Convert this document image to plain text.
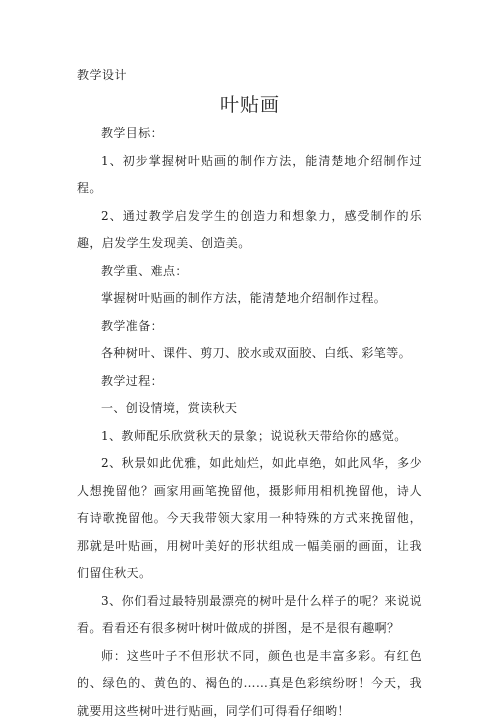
教学设计
叶贴画

教学目标：

1、初步掌握树叶贴画的制作方法，能清楚地介绍制作过程。

2、通过教学启发学生的创造力和想象力，感受制作的乐趣，启发学生发现美、创造美。

教学重、难点：

掌握树叶贴画的制作方法，能清楚地介绍制作过程。

教学准备：

各种树叶、课件、剪刀、胶水或双面胶、白纸、彩笔等。

教学过程：

一、创设情境，赏读秋天

1、教师配乐欣赏秋天的景象；说说秋天带给你的感觉。

2、秋景如此优雅，如此灿烂，如此卓绝，如此风华，多少人想挽留他？画家用画笔挽留他，摄影师用相机挽留他，诗人有诗歌挽留他。今天我带领大家用一种特殊的方式来挽留他，那就是叶贴画，用树叶美好的形状组成一幅美丽的画面，让我们留住秋天。

3、你们看过最特别最漂亮的树叶是什么样子的呢？来说说看。看看还有很多树叶树叶做成的拼图，是不是很有趣啊？

师：这些叶子不但形状不同，颜色也是丰富多彩。有红色的、绿色的、黄色的、褐色的……真是色彩缤纷呀！今天，我就要用这些树叶进行贴画，同学们可得看仔细哟！
